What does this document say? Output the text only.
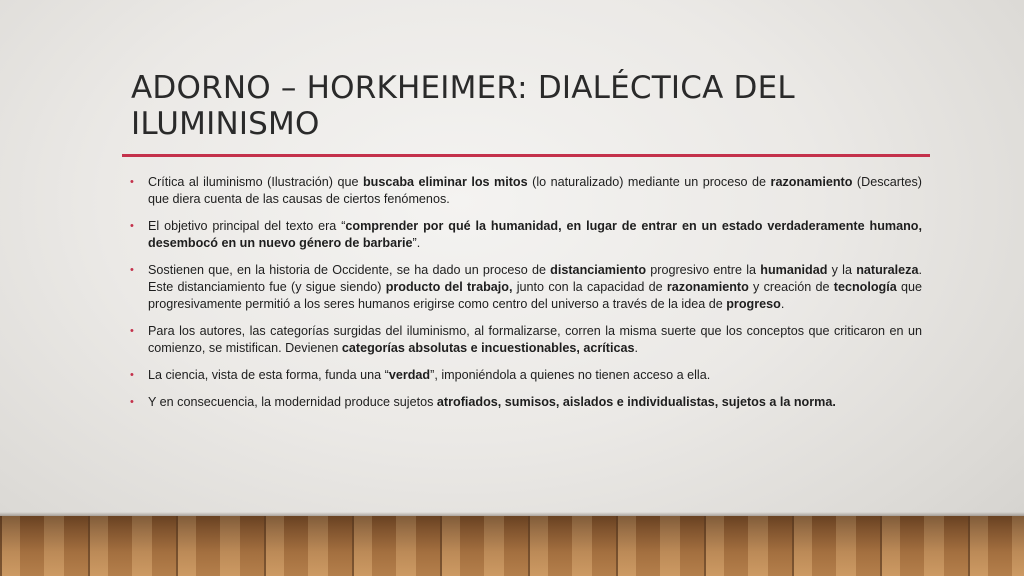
ADORNO – HORKHEIMER: DIALÉCTICA DEL ILUMINISMO
• Crítica al iluminismo (Ilustración) que buscaba eliminar los mitos (lo naturalizado) mediante un proceso de razonamiento (Descartes) que diera cuenta de las causas de ciertos fenómenos.
• El objetivo principal del texto era “comprender por qué la humanidad, en lugar de entrar en un estado verdaderamente humano, desembocó en un nuevo género de barbarie”.
• Sostienen que, en la historia de Occidente, se ha dado un proceso de distanciamiento progresivo entre la humanidad y la naturaleza. Este distanciamiento fue (y sigue siendo) producto del trabajo, junto con la capacidad de razonamiento y creación de tecnología que progresivamente permitió a los seres humanos erigirse como centro del universo a través de la idea de progreso.
• Para los autores, las categorías surgidas del iluminismo, al formalizarse, corren la misma suerte que los conceptos que criticaron en un comienzo, se mistifican. Devienen categorías absolutas e incuestionables, acríticas.
• La ciencia, vista de esta forma, funda una “verdad”, imponiéndola a quienes no tienen acceso a ella.
• Y en consecuencia, la modernidad produce sujetos atrofiados, sumisos, aislados e individualistas, sujetos a la norma.
